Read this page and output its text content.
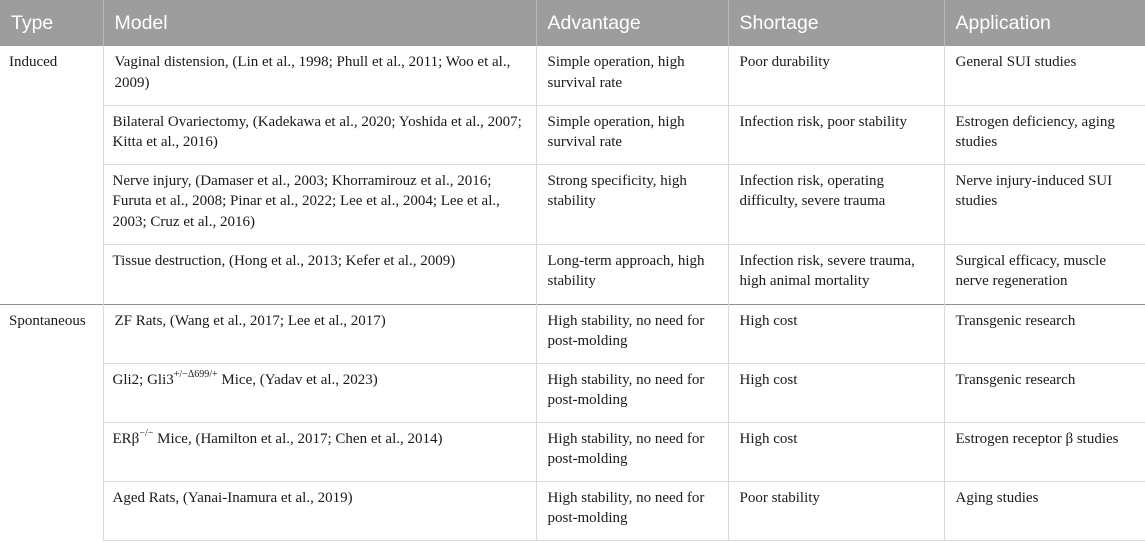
Type	Model	Advantage	Shortage	Application
Induced	Vaginal distension, (Lin et al., 1998; Phull et al., 2011; Woo et al., 2009)	Simple operation, high survival rate	Poor durability	General SUI studies
	Bilateral Ovariectomy, (Kadekawa et al., 2020; Yoshida et al., 2007; Kitta et al., 2016)	Simple operation, high survival rate	Infection risk, poor stability	Estrogen deficiency, aging studies
	Nerve injury, (Damaser et al., 2003; Khorramirouz et al., 2016; Furuta et al., 2008; Pinar et al., 2022; Lee et al., 2004; Lee et al., 2003; Cruz et al., 2016)	Strong specificity, high stability	Infection risk, operating difficulty, severe trauma	Nerve injury-induced SUI studies
	Tissue destruction, (Hong et al., 2013; Kefer et al., 2009)	Long-term approach, high stability	Infection risk, severe trauma, high animal mortality	Surgical efficacy, muscle nerve regeneration
Spontaneous	ZF Rats, (Wang et al., 2017; Lee et al., 2017)	High stability, no need for post-molding	High cost	Transgenic research
	Gli2; $Gli3^{+/-\Delta 699/+}$ Mice, (Yadav et al., 2023)	High stability, no need for post-molding	High cost	Transgenic research
	ERβ−/− Mice, (Hamilton et al., 2017; Chen et al., 2014)	High stability, no need for post-molding	High cost	Estrogen receptor β studies
	Aged Rats, (Yanai-Inamura et al., 2019)	High stability, no need for post-molding	Poor stability	Aging studies
